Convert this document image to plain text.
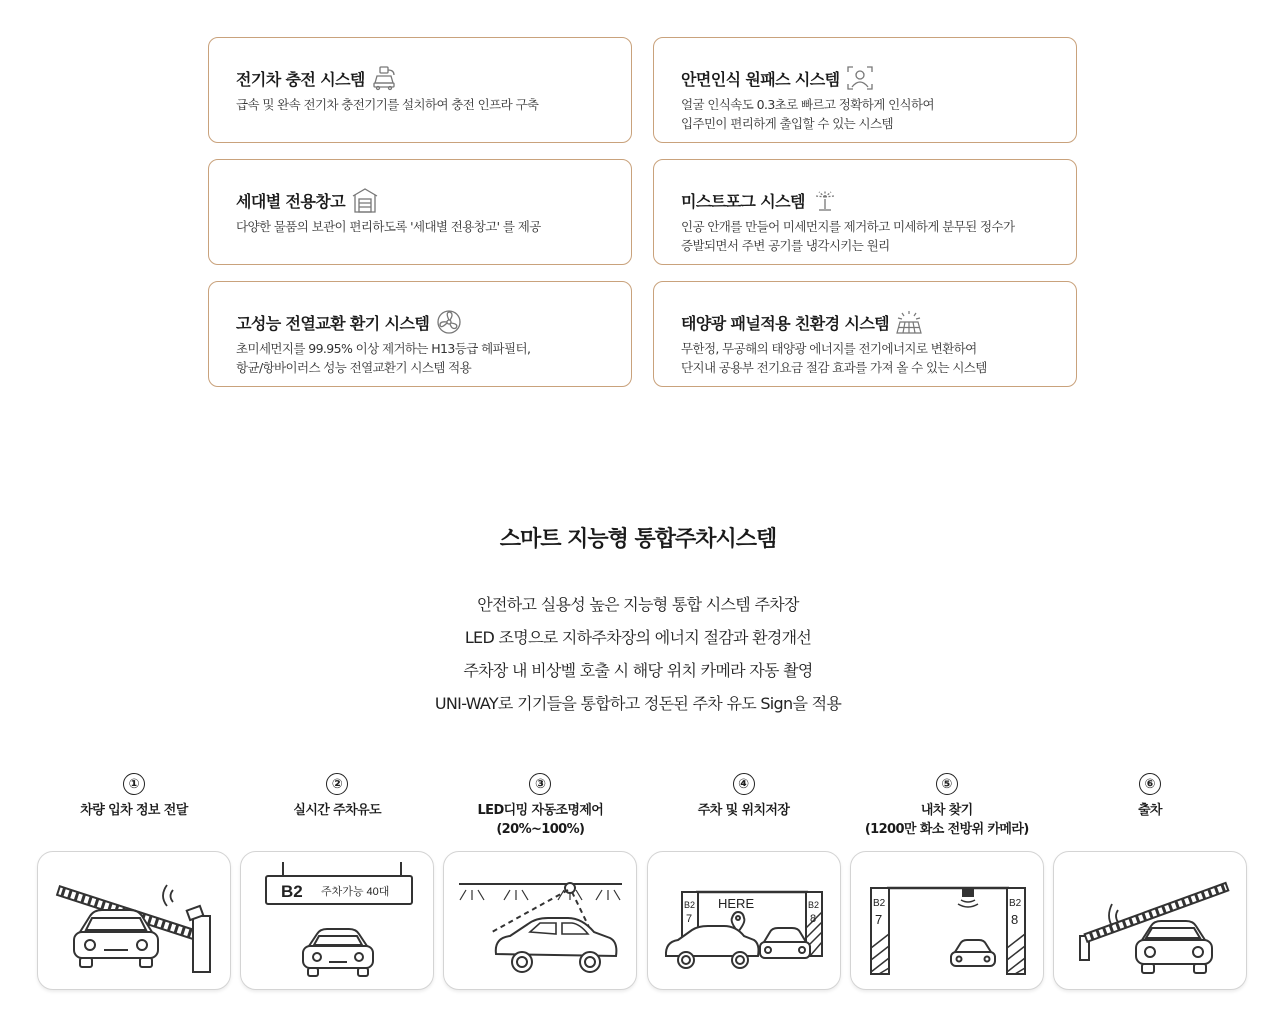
전기차 충전 시스템
급속 및 완속 전기차 충전기기를 설치하여 충전 인프라 구축
안면인식 원패스 시스템
얼굴 인식속도 0.3초로 빠르고 정확하게 인식하여
입주민이 편리하게 출입할 수 있는 시스템
세대별 전용창고
다양한 물품의 보관이 편리하도록 '세대별 전용창고' 를 제공
미스트포그 시스템
인공 안개를 만들어 미세먼지를 제거하고 미세하게 분무된 정수가
증발되면서 주변 공기를 냉각시키는 원리
고성능 전열교환 환기 시스템
초미세먼지를 99.95% 이상 제거하는 H13등급 헤파필터,
항균/항바이러스 성능 전열교환기 시스템 적용
태양광 패널적용 친환경 시스템
무한정, 무공해의 태양광 에너지를 전기에너지로 변환하여
단지내 공용부 전기요금 절감 효과를 가져 올 수 있는 시스템
스마트 지능형 통합주차시스템

안전하고 실용성 높은 지능형 통합 시스템 주차장

LED 조명으로 지하주차장의 에너지 절감과 환경개선

주차장 내 비상벨 호출 시 해당 위치 카메라 자동 촬영

UNI-WAY로 기기들을 통합하고 정돈된 주차 유도 Sign을 적용

①
차량 입차 정보 전달
②
실시간 주차유도
B2 주차가능 40대
③
LED디밍 자동조명제어
(20%~100%)
④
주차 및 위치저장
B2
7
B2
8
HERE
⑤
내차 찾기
(1200만 화소 전방위 카메라)
B2
7
B2
8
⑥
출차
